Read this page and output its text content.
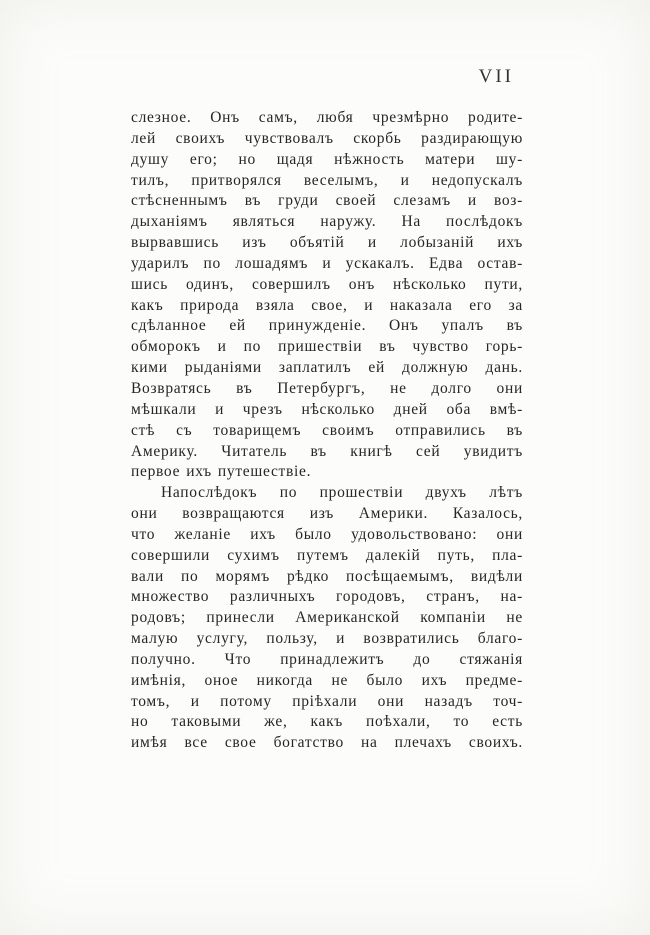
VII
слезное. Онъ самъ, любя чрезмѣрно родите-
лей своихъ чувствовалъ скорбь раздирающую
душу его; но щадя нѣжность матери шу-
тилъ, притворялся веселымъ, и недопускалъ
стѣсненнымъ въ груди своей слезамъ и воз-
дыханіямъ являться наружу. На послѣдокъ
вырвавшись изъ объятій и лобызаній ихъ
ударилъ по лошадямъ и ускакалъ. Едва остав-
шись одинъ, совершилъ онъ нѣсколько пути,
какъ природа взяла свое, и наказала его за
сдѣланное ей принужденіе. Онъ упалъ въ
обморокъ и по пришествіи въ чувство горь-
кими рыданіями заплатилъ ей должную дань.
Возвратясь въ Петербургъ, не долго они
мѣшкали и чрезъ нѣсколько дней оба вмѣ-
стѣ съ товарищемъ своимъ отправились въ
Америку. Читатель въ книгѣ сей увидитъ
первое ихъ путешествіе.
Напослѣдокъ по прошествіи двухъ лѣтъ
они возвращаются изъ Америки. Казалось,
что желаніе ихъ было удовольствовано: они
совершили сухимъ путемъ далекій путь, пла-
вали по морямъ рѣдко посѣщаемымъ, видѣли
множество различныхъ городовъ, странъ, на-
родовъ; принесли Американской компаніи не
малую услугу, пользу, и возвратились благо-
получно. Что принадлежитъ до стяжанія
имѣнія, оное никогда не было ихъ предме-
томъ, и потому пріѣхали они назадъ точ-
но таковыми же, какъ поѣхали, то есть
имѣя все свое богатство на плечахъ своихъ.
